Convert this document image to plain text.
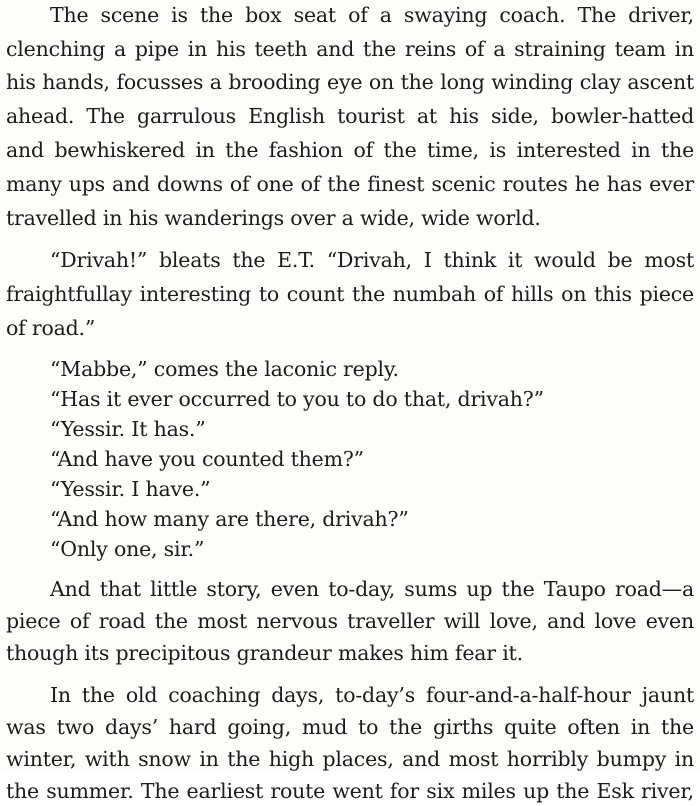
The scene is the box seat of a swaying coach. The driver,
clenching a pipe in his teeth and the reins of a straining team in
his hands, focusses a brooding eye on the long winding clay ascent
ahead. The garrulous English tourist at his side, bowler-hatted
and bewhiskered in the fashion of the time, is interested in the
many ups and downs of one of the finest scenic routes he has ever
travelled in his wanderings over a wide, wide world.
“Drivah!” bleats the E.T. “Drivah, I think it would be most
fraightfullay interesting to count the numbah of hills on this piece
of road.”
“Mabbe,” comes the laconic reply.
“Has it ever occurred to you to do that, drivah?”
“Yessir. It has.”
“And have you counted them?”
“Yessir. I have.”
“And how many are there, drivah?”
“Only one, sir.”
And that little story, even to-day, sums up the Taupo road—a
piece of road the most nervous traveller will love, and love even
though its precipitous grandeur makes him fear it.
In the old coaching days, to-day’s four-and-a-half-hour jaunt
was two days’ hard going, mud to the girths quite often in the
winter, with snow in the high places, and most horribly bumpy in
the summer. The earliest route went for six miles up the Esk river,
